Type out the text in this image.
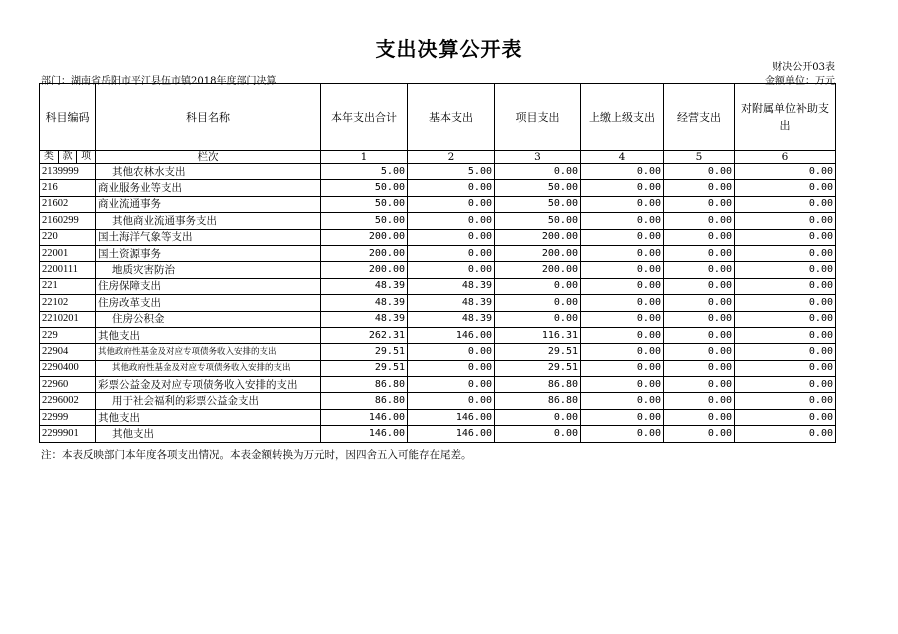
支出决算公开表
财决公开03表
部门：湖南省岳阳市平江县伍市镇2018年度部门决算	金额单位：万元
科目编码	科目名称	本年支出合计	基本支出	项目支出	上缴上级支出	经营支出	对附属单位补助支出

类 款 项	栏次	1	2	3	4	5	6
2139999	其他农林水支出	5.00	5.00	0.00	0.00	0.00	0.00
216	商业服务业等支出	50.00	0.00	50.00	0.00	0.00	0.00
21602	商业流通事务	50.00	0.00	50.00	0.00	0.00	0.00
2160299	其他商业流通事务支出	50.00	0.00	50.00	0.00	0.00	0.00
220	国土海洋气象等支出	200.00	0.00	200.00	0.00	0.00	0.00
22001	国土资源事务	200.00	0.00	200.00	0.00	0.00	0.00
2200111	地质灾害防治	200.00	0.00	200.00	0.00	0.00	0.00
221	住房保障支出	48.39	48.39	0.00	0.00	0.00	0.00
22102	住房改革支出	48.39	48.39	0.00	0.00	0.00	0.00
2210201	住房公积金	48.39	48.39	0.00	0.00	0.00	0.00
229	其他支出	262.31	146.00	116.31	0.00	0.00	0.00
22904	其他政府性基金及对应专项债务收入安排的支出	29.51	0.00	29.51	0.00	0.00	0.00
2290400	其他政府性基金及对应专项债务收入安排的支出	29.51	0.00	29.51	0.00	0.00	0.00
22960	彩票公益金及对应专项债务收入安排的支出	86.80	0.00	86.80	0.00	0.00	0.00
2296002	用于社会福利的彩票公益金支出	86.80	0.00	86.80	0.00	0.00	0.00
22999	其他支出	146.00	146.00	0.00	0.00	0.00	0.00
2299901	其他支出	146.00	146.00	0.00	0.00	0.00	0.00
注：本表反映部门本年度各项支出情况。本表金额转换为万元时，因四舍五入可能存在尾差。
